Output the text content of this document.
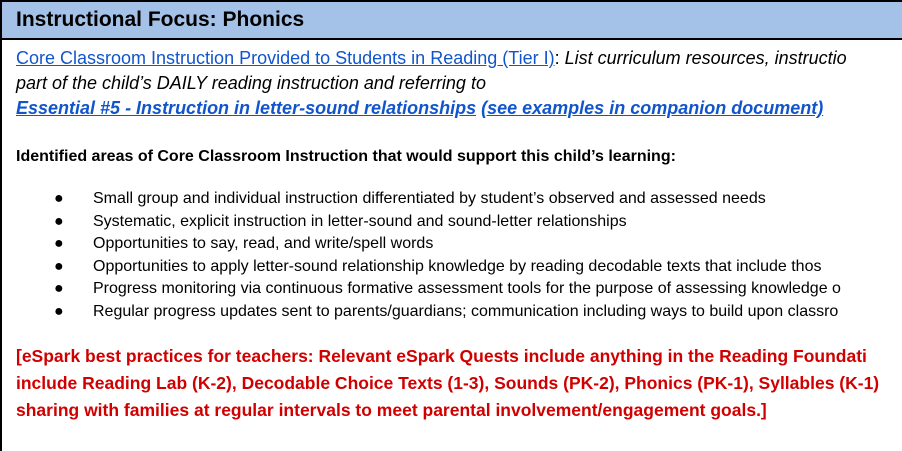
Instructional Focus: Phonics
Core Classroom Instruction Provided to Students in Reading (Tier I): List curriculum resources, instructio
part of the child’s DAILY reading instruction and referring to
Essential #5 - Instruction in letter-sound relationships (see examples in companion document)
Identified areas of Core Classroom Instruction that would support this child’s learning:
● Small group and individual instruction differentiated by student’s observed and assessed needs
● Systematic, explicit instruction in letter-sound and sound-letter relationships
● Opportunities to say, read, and write/spell words
● Opportunities to apply letter-sound relationship knowledge by reading decodable texts that include thos
● Progress monitoring via continuous formative assessment tools for the purpose of assessing knowledge o
● Regular progress updates sent to parents/guardians; communication including ways to build upon classro
[eSpark best practices for teachers: Relevant eSpark Quests include anything in the Reading Foundati
include Reading Lab (K-2), Decodable Choice Texts (1-3), Sounds (PK-2), Phonics (PK-1), Syllables (K-1)
sharing with families at regular intervals to meet parental involvement/engagement goals.]
